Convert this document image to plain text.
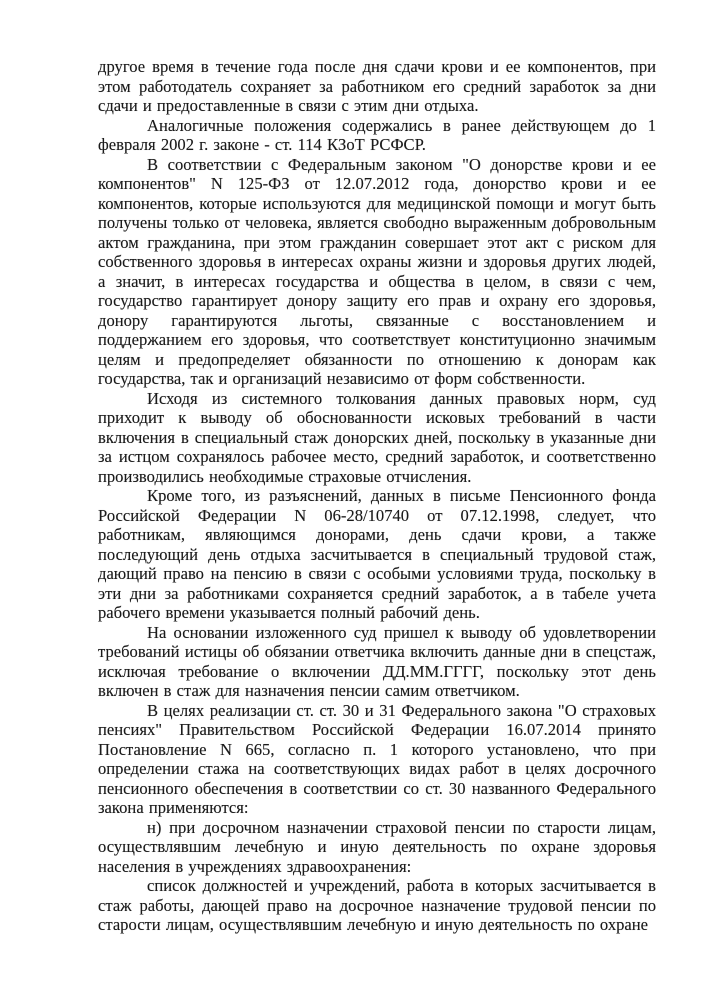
другое время в течение года после дня сдачи крови и ее компонентов, при этом работодатель сохраняет за работником его средний заработок за дни сдачи и предоставленные в связи с этим дни отдыха.

Аналогичные положения содержались в ранее действующем до 1 февраля 2002 г. законе - ст. 114 КЗоТ РСФСР.

В соответствии с Федеральным законом "О донорстве крови и ее компонентов" N 125-ФЗ от 12.07.2012 года, донорство крови и ее компонентов, которые используются для медицинской помощи и могут быть получены только от человека, является свободно выраженным добровольным актом гражданина, при этом гражданин совершает этот акт с риском для собственного здоровья в интересах охраны жизни и здоровья других людей, а значит, в интересах государства и общества в целом, в связи с чем, государство гарантирует донору защиту его прав и охрану его здоровья, донору гарантируются льготы, связанные с восстановлением и поддержанием его здоровья, что соответствует конституционно значимым целям и предопределяет обязанности по отношению к донорам как государства, так и организаций независимо от форм собственности.

Исходя из системного толкования данных правовых норм, суд приходит к выводу об обоснованности исковых требований в части включения в специальный стаж донорских дней, поскольку в указанные дни за истцом сохранялось рабочее место, средний заработок, и соответственно производились необходимые страховые отчисления.

Кроме того, из разъяснений, данных в письме Пенсионного фонда Российской Федерации N 06-28/10740 от 07.12.1998, следует, что работникам, являющимся донорами, день сдачи крови, а также последующий день отдыха засчитывается в специальный трудовой стаж, дающий право на пенсию в связи с особыми условиями труда, поскольку в эти дни за работниками сохраняется средний заработок, а в табеле учета рабочего времени указывается полный рабочий день.

На основании изложенного суд пришел к выводу об удовлетворении требований истицы об обязании ответчика включить данные дни в спецстаж, исключая требование о включении ДД.ММ.ГГГГ, поскольку этот день включен в стаж для назначения пенсии самим ответчиком.

В целях реализации ст. ст. 30 и 31 Федерального закона "О страховых пенсиях" Правительством Российской Федерации 16.07.2014 принято Постановление N 665, согласно п. 1 которого установлено, что при определении стажа на соответствующих видах работ в целях досрочного пенсионного обеспечения в соответствии со ст. 30 названного Федерального закона применяются:

н) при досрочном назначении страховой пенсии по старости лицам, осуществлявшим лечебную и иную деятельность по охране здоровья населения в учреждениях здравоохранения:

список должностей и учреждений, работа в которых засчитывается в стаж работы, дающей право на досрочное назначение трудовой пенсии по старости лицам, осуществлявшим лечебную и иную деятельность по охране
